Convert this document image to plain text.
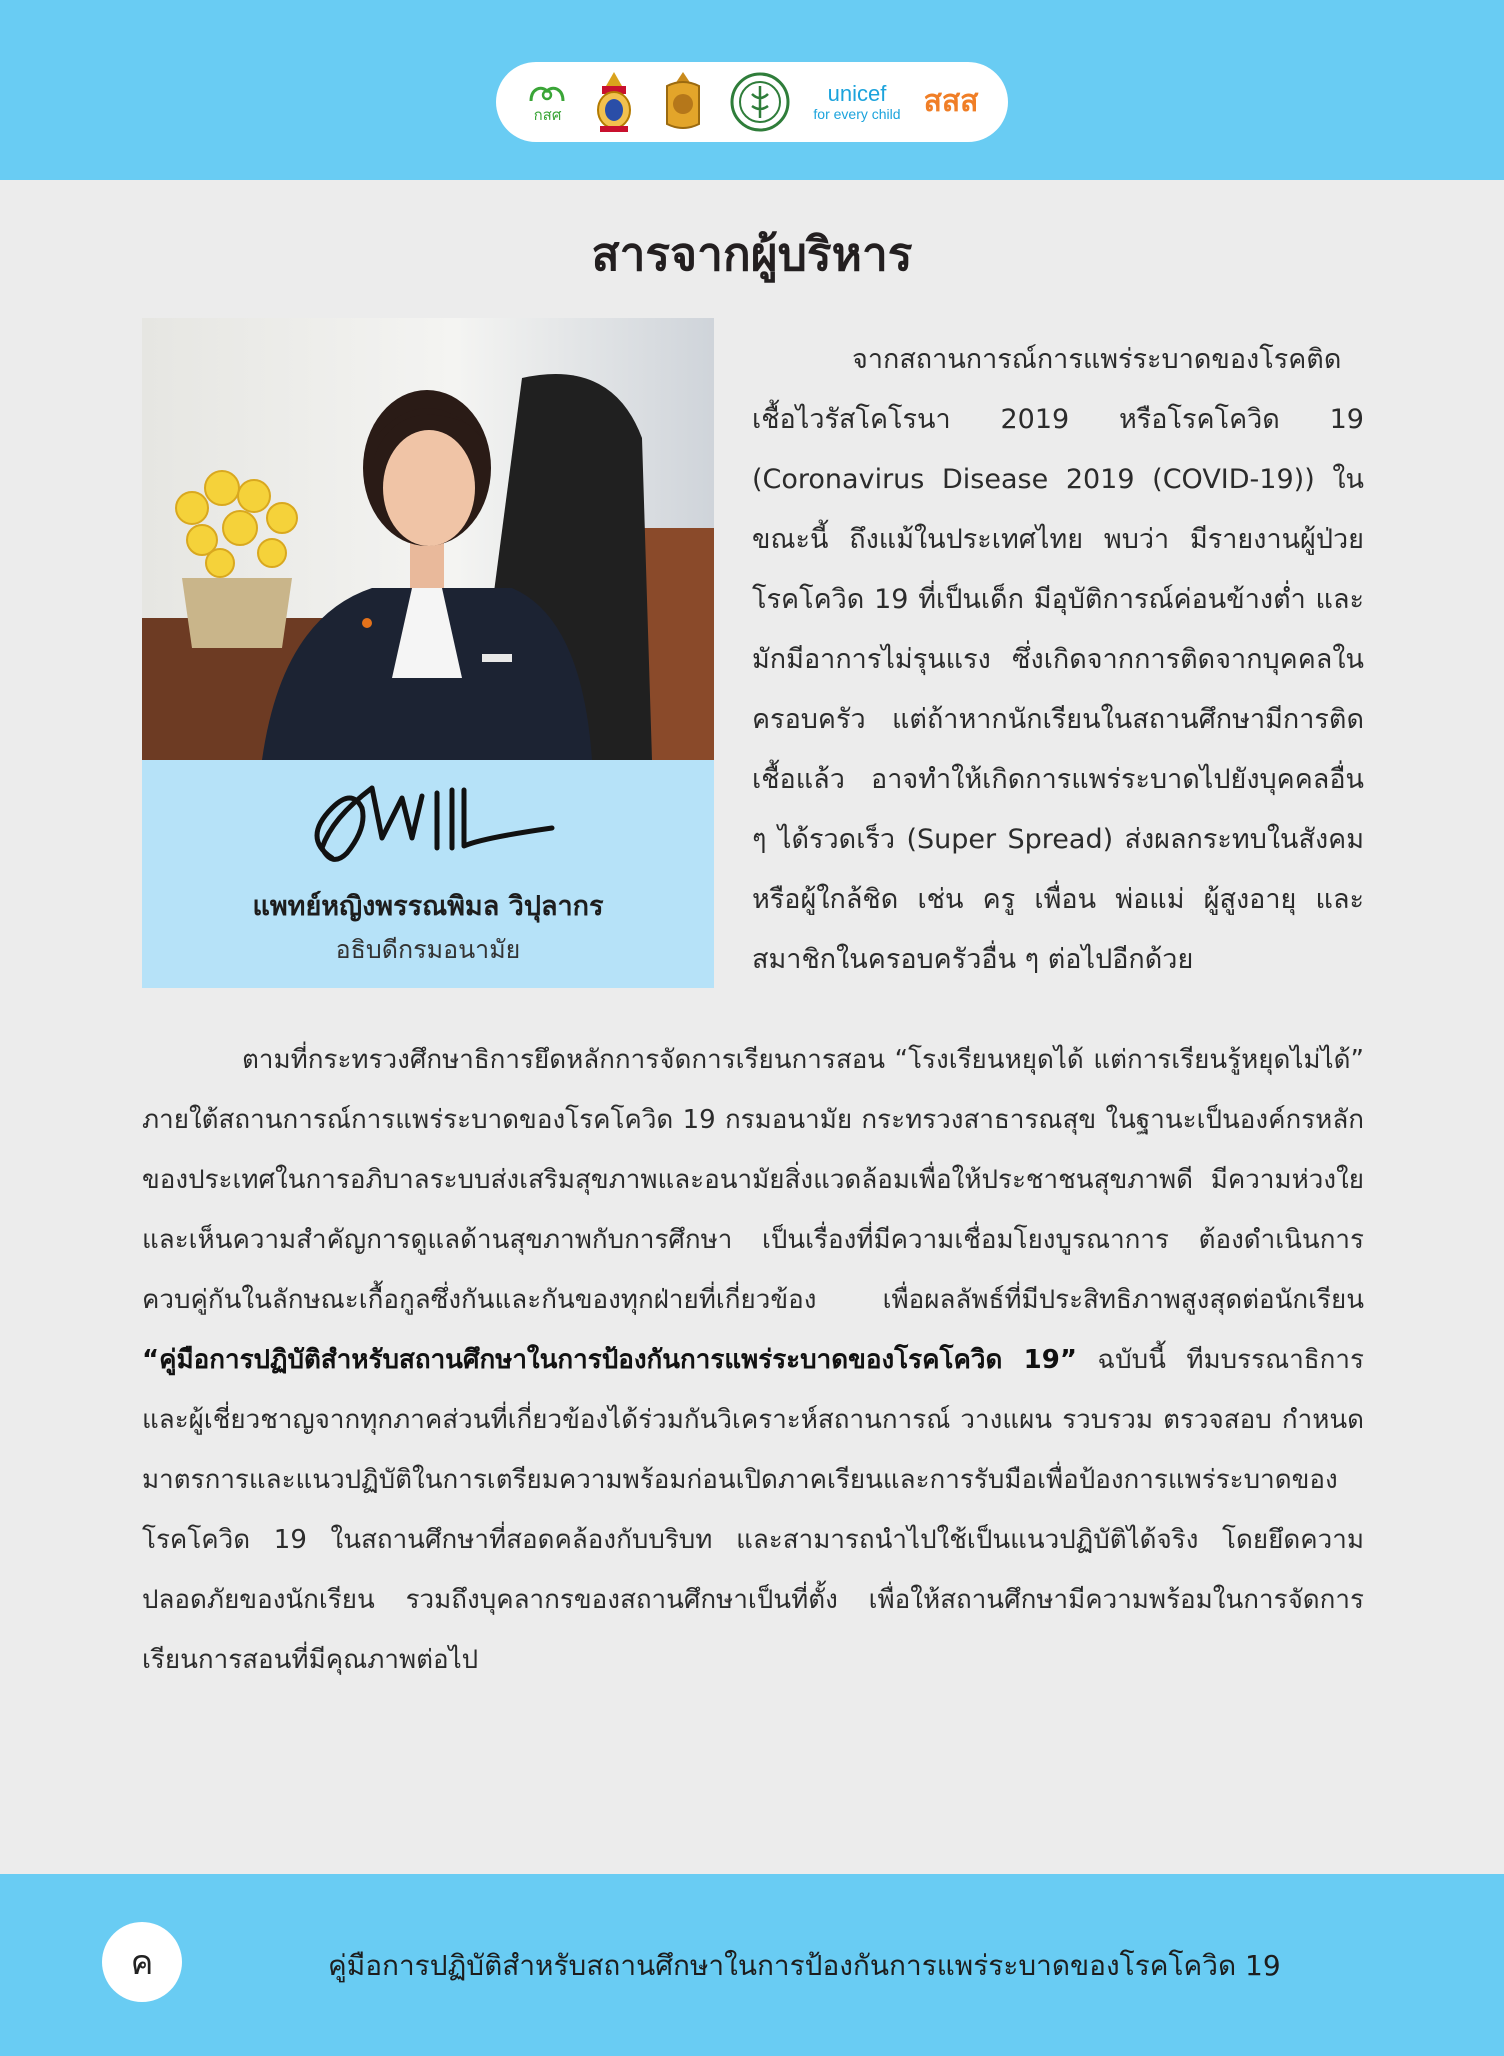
กสศ
unicef
for every child สสส
สารจากผู้บริหาร
แพทย์หญิงพรรณพิมล วิปุลากร
อธิบดีกรมอนามัย

จากสถานการณ์การแพร่ระบาดของโรคติดเชื้อไวรัสโคโรนา 2019 หรือโรคโควิด 19 (Coronavirus Disease 2019 (COVID-19)) ในขณะนี้ ถึงแม้ในประเทศไทย พบว่า มีรายงานผู้ป่วยโรคโควิด 19 ที่เป็นเด็ก มีอุบัติการณ์ค่อนข้างต่ำ และมักมีอาการไม่รุนแรง ซึ่งเกิดจากการติดจากบุคคลในครอบครัว แต่ถ้าหากนักเรียนในสถานศึกษามีการติดเชื้อแล้ว อาจทำให้เกิดการแพร่ระบาดไปยังบุคคลอื่น ๆ ได้รวดเร็ว (Super Spread) ส่งผลกระทบในสังคมหรือผู้ใกล้ชิด เช่น ครู เพื่อน พ่อแม่ ผู้สูงอายุ และสมาชิกในครอบครัวอื่น ๆ ต่อไปอีกด้วย

ตามที่กระทรวงศึกษาธิการยึดหลักการจัดการเรียนการสอน “โรงเรียนหยุดได้ แต่การเรียนรู้หยุดไม่ได้” ภายใต้สถานการณ์การแพร่ระบาดของโรคโควิด 19 กรมอนามัย กระทรวงสาธารณสุข ในฐานะเป็นองค์กรหลักของประเทศในการอภิบาลระบบส่งเสริมสุขภาพและอนามัยสิ่งแวดล้อมเพื่อให้ประชาชนสุขภาพดี มีความห่วงใยและเห็นความสำคัญการดูแลด้านสุขภาพกับการศึกษา เป็นเรื่องที่มีความเชื่อมโยงบูรณาการ ต้องดำเนินการควบคู่กันในลักษณะเกื้อกูลซึ่งกันและกันของทุกฝ่ายที่เกี่ยวข้อง เพื่อผลลัพธ์ที่มีประสิทธิภาพสูงสุดต่อนักเรียน “คู่มือการปฏิบัติสำหรับสถานศึกษาในการป้องกันการแพร่ระบาดของโรคโควิด 19” ฉบับนี้ ทีมบรรณาธิการและผู้เชี่ยวชาญจากทุกภาคส่วนที่เกี่ยวข้องได้ร่วมกันวิเคราะห์สถานการณ์ วางแผน รวบรวม ตรวจสอบ กำหนดมาตรการและแนวปฏิบัติในการเตรียมความพร้อมก่อนเปิดภาคเรียนและการรับมือเพื่อป้องการแพร่ระบาดของโรคโควิด 19 ในสถานศึกษาที่สอดคล้องกับบริบท และสามารถนำไปใช้เป็นแนวปฏิบัติได้จริง โดยยึดความปลอดภัยของนักเรียน รวมถึงบุคลากรของสถานศึกษาเป็นที่ตั้ง เพื่อให้สถานศึกษามีความพร้อมในการจัดการเรียนการสอนที่มีคุณภาพต่อไป

ค	คู่มือการปฏิบัติสำหรับสถานศึกษาในการป้องกันการแพร่ระบาดของโรคโควิด 19
